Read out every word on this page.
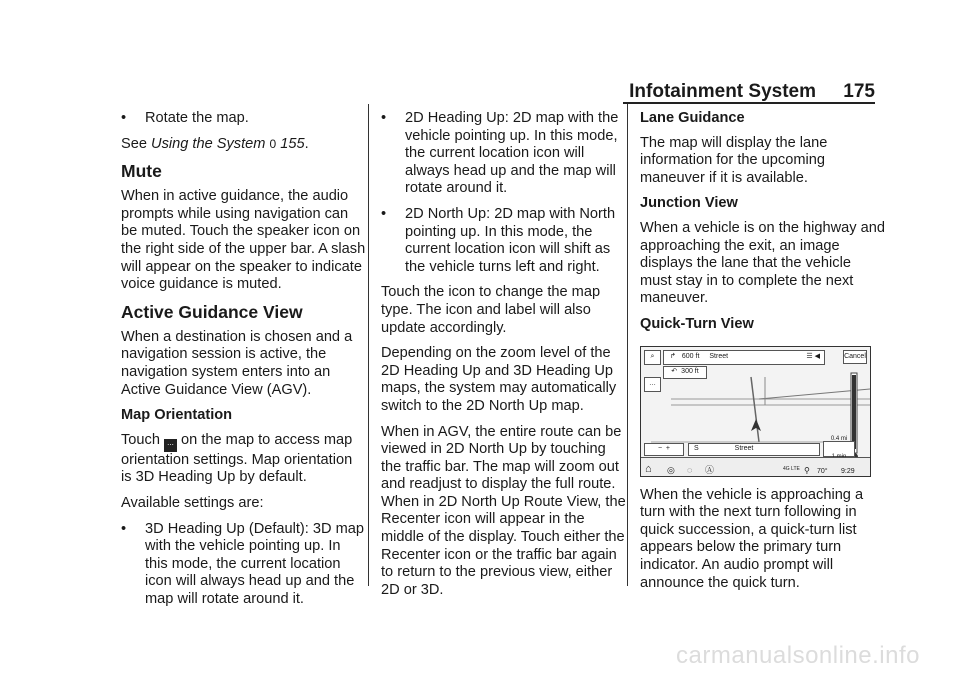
Infotainment System 175
•	Rotate the map.

See Using the System 0 155.

Mute

When in active guidance, the audio prompts while using navigation can be muted. Touch the speaker icon on the right side of the upper bar. A slash will appear on the speaker to indicate voice guidance is muted.

Active Guidance View

When a destination is chosen and a navigation session is active, the navigation system enters into an Active Guidance View (AGV).

Map Orientation

Touch ... on the map to access map orientation settings. Map orientation is 3D Heading Up by default.

Available settings are:

•	3D Heading Up (Default): 3D map with the vehicle pointing up. In this mode, the current location icon will always head up and the map will rotate around it.
•	2D Heading Up: 2D map with the vehicle pointing up. In this mode, the current location icon will always head up and the map will rotate around it.
•	2D North Up: 2D map with North pointing up. In this mode, the current location icon will shift as the vehicle turns left and right.

Touch the icon to change the map type. The icon and label will also update accordingly.

Depending on the zoom level of the 2D Heading Up and 3D Heading Up maps, the system may automatically switch to the 2D North Up map.

When in AGV, the entire route can be viewed in 2D North Up by touching the traffic bar. The map will zoom out and readjust to display the full route. When in 2D North Up Route View, the Recenter icon will appear in the middle of the display. Touch either the Recenter icon or the traffic bar again to return to the previous view, either 2D or 3D.

Lane Guidance

The map will display the lane information for the upcoming maneuver if it is available.

Junction View

When a vehicle is on the highway and approaching the exit, an image displays the lane that the vehicle must stay in to complete the next maneuver.

Quick-Turn View
⌕
…
↱ 600 ft Street	☰ ◀
↶ 300 ft
Cancel
−  +	S	Street
0.4 mi
⌂ ◎ ◌ Ⓐ	4G LTE ⚲ 70° 9:29

When the vehicle is approaching a turn with the next turn following in quick succession, a quick-turn list appears below the primary turn indicator. An audio prompt will announce the quick turn.

carmanualsonline.info
